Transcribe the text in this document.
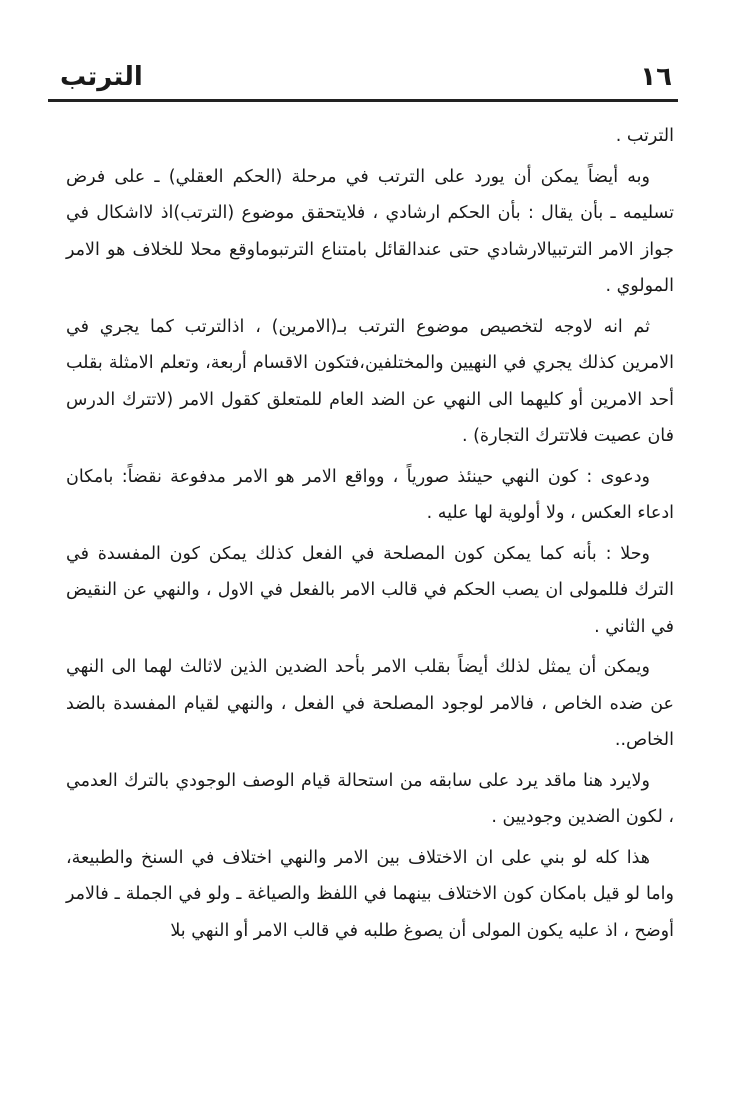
١٦
الترتب

الترتب .

وبه أيضاً يمكن أن يورد على الترتب في مرحلة (الحكم العقلي) ـ على فرض تسليمه ـ بأن يقال : بأن الحكم ارشادي ، فلايتحقق موضوع (الترتب)اذ لااشكال في جواز الامر الترتبيالارشادي حتى عندالقائل بامتناع الترتبوماوقع محلا للخلاف هو الامر المولوي .

ثم انه لاوجه لتخصيص موضوع الترتب بـ(الامرين) ، اذالترتب كما يجري في الامرين كذلك يجري في النهيين والمختلفين،فتكون الاقسام أربعة، وتعلم الامثلة بقلب أحد الامرين أو كليهما الى النهي عن الضد العام للمتعلق كقول الامر (لاتترك الدرس فان عصيت فلاتترك التجارة) .

ودعوى : كون النهي حينئذ صورياً ، وواقع الامر هو الامر مدفوعة نقضاً: بامكان ادعاء العكس ، ولا أولوية لها عليه .

وحلا : بأنه كما يمكن كون المصلحة في الفعل كذلك يمكن كون المفسدة في الترك فللمولى ان يصب الحكم في قالب الامر بالفعل في الاول ، والنهي عن النقيض في الثاني .

ويمكن أن يمثل لذلك أيضاً بقلب الامر بأحد الضدين الذين لاثالث لهما الى النهي عن ضده الخاص ، فالامر لوجود المصلحة في الفعل ، والنهي لقيام المفسدة بالضد الخاص..

ولايرد هنا ماقد يرد على سابقه من استحالة قيام الوصف الوجودي بالترك العدمي ، لكون الضدين وجوديين .

هذا كله لو بني على ان الاختلاف بين الامر والنهي اختلاف في السنخ والطبيعة، واما لو قيل بامكان كون الاختلاف بينهما في اللفظ والصياغة ـ ولو في الجملة ـ فالامر أوضح ، اذ عليه يكون المولى أن يصوغ طلبه في قالب الامر أو النهي بلا
